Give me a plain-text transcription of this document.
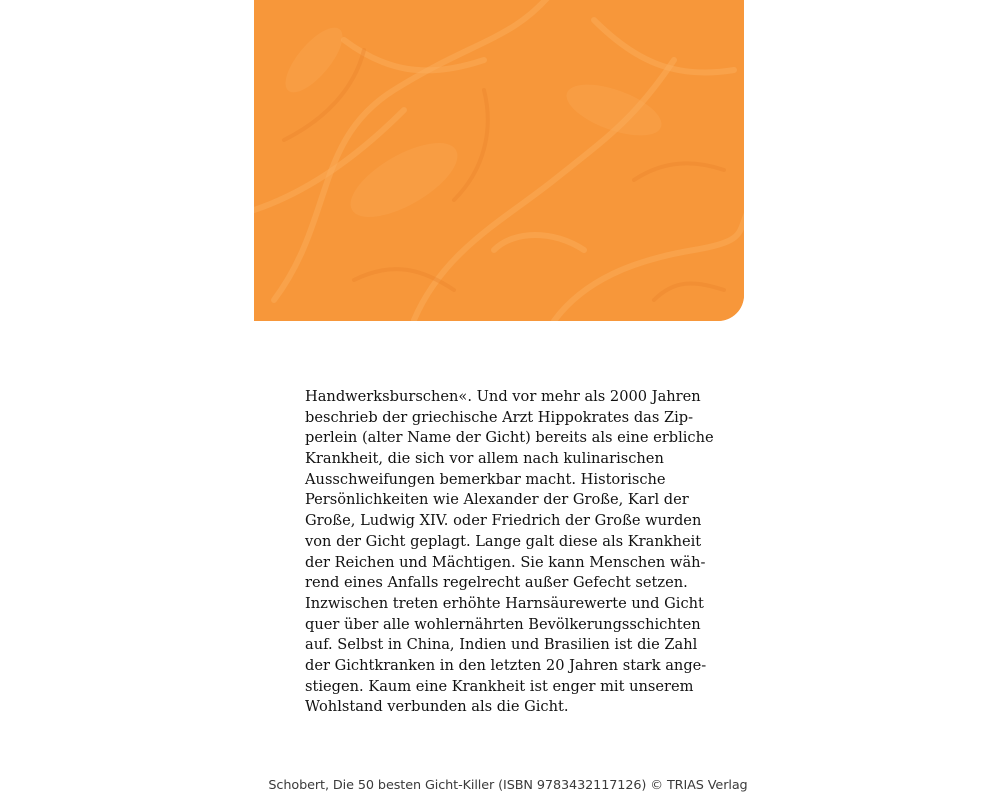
Handwerksburschen«. Und vor mehr als 2000 Jahren
beschrieb der griechische Arzt Hippokrates das Zip-
perlein (alter Name der Gicht) bereits als eine erbliche
Krankheit, die sich vor allem nach kulinarischen
Ausschweifungen bemerkbar macht. Historische
Persönlichkeiten wie Alexander der Große, Karl der
Große, Ludwig XIV. oder Friedrich der Große wurden
von der Gicht geplagt. Lange galt diese als Krankheit
der Reichen und Mächtigen. Sie kann Menschen wäh-
rend eines Anfalls regelrecht außer Gefecht setzen.
Inzwischen treten erhöhte Harnsäurewerte und Gicht
quer über alle wohlernährten Bevölkerungsschichten
auf. Selbst in China, Indien und Brasilien ist die Zahl
der Gichtkranken in den letzten 20 Jahren stark ange-
stiegen. Kaum eine Krankheit ist enger mit unserem
Wohlstand verbunden als die Gicht.
Schobert, Die 50 besten Gicht-Killer (ISBN 9783432117126) © TRIAS Verlag
